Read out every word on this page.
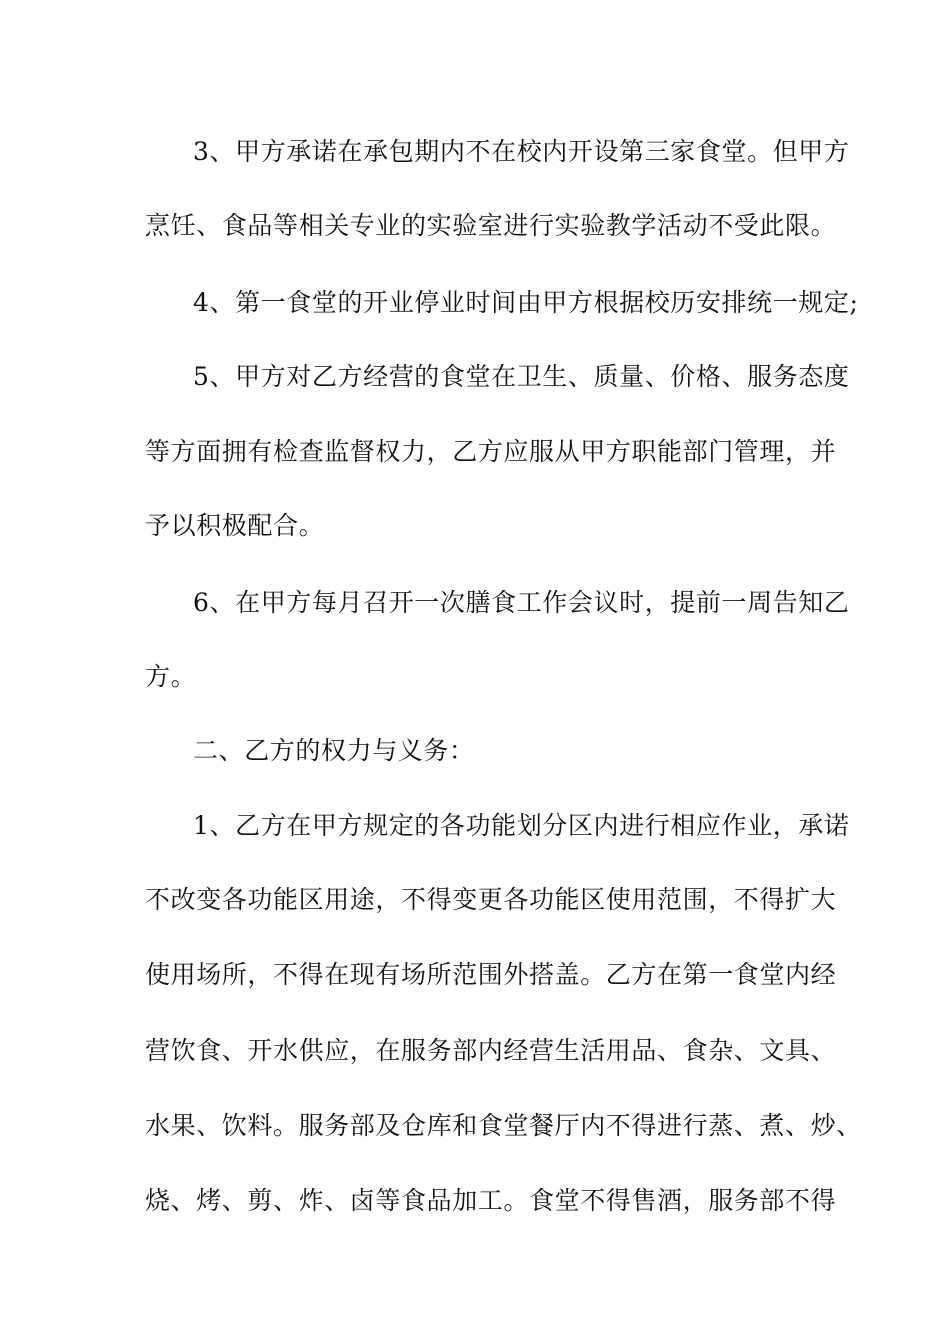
3、甲方承诺在承包期内不在校内开设第三家食堂。但甲方
烹饪、食品等相关专业的实验室进行实验教学活动不受此限。
4、第一食堂的开业停业时间由甲方根据校历安排统一规定;
5、甲方对乙方经营的食堂在卫生、质量、价格、服务态度
等方面拥有检查监督权力，乙方应服从甲方职能部门管理，并
予以积极配合。
6、在甲方每月召开一次膳食工作会议时，提前一周告知乙
方。
二、乙方的权力与义务：
1、乙方在甲方规定的各功能划分区内进行相应作业，承诺
不改变各功能区用途，不得变更各功能区使用范围，不得扩大
使用场所，不得在现有场所范围外搭盖。乙方在第一食堂内经
营饮食、开水供应，在服务部内经营生活用品、食杂、文具、
水果、饮料。服务部及仓库和食堂餐厅内不得进行蒸、煮、炒、
烧、烤、剪、炸、卤等食品加工。食堂不得售酒，服务部不得
